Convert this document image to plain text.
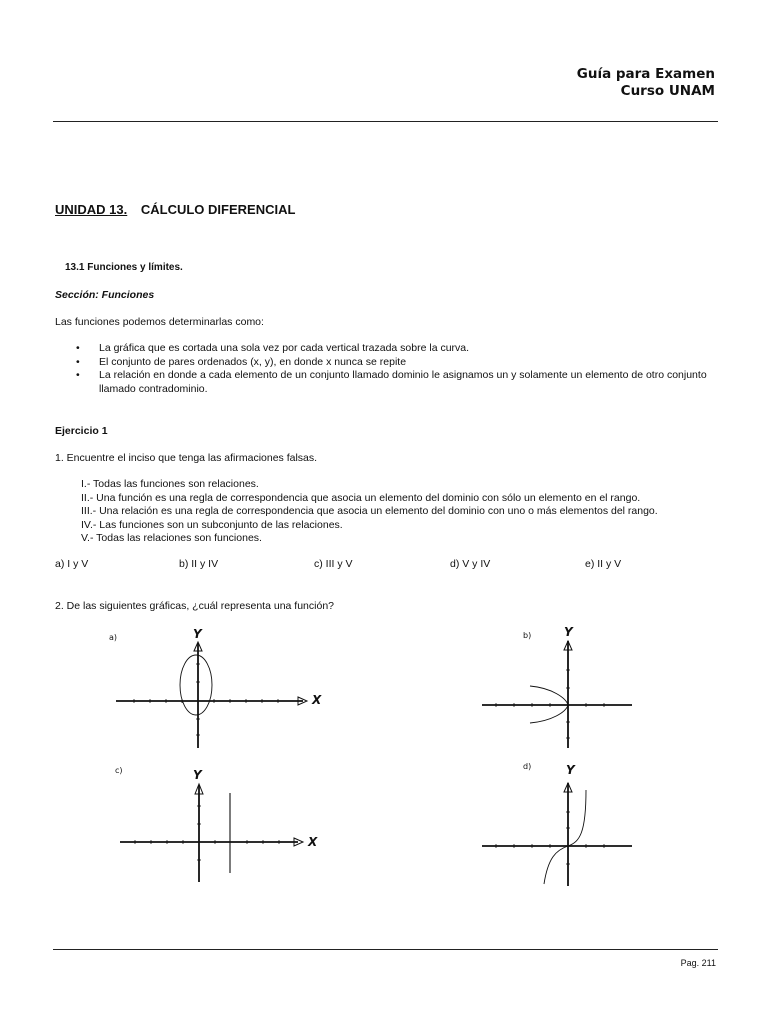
Guía para Examen
Curso UNAM
UNIDAD 13. CÁLCULO DIFERENCIAL
13.1 Funciones y límites.
Sección: Funciones
Las funciones podemos determinarlas como:
• La gráfica que es cortada una sola vez por cada vertical trazada sobre la curva.
• El conjunto de pares ordenados (x, y), en donde x nunca se repite
• La relación en donde a cada elemento de un conjunto llamado dominio le asignamos un y solamente un elemento de otro conjunto llamado contradominio.
Ejercicio 1
1. Encuentre el inciso que tenga las afirmaciones falsas.
I.- Todas las funciones son relaciones.
II.- Una función es una regla de correspondencia que asocia un elemento del dominio con sólo un elemento en el rango.
III.- Una relación es una regla de correspondencia que asocia un elemento del dominio con uno o más elementos del rango.
IV.- Las funciones son un subconjunto de las relaciones.
V.- Todas las relaciones son funciones.
a) I y V	b) II y IV	c) III y V	d) V y IV	e) II y V
2. De las siguientes gráficas, ¿cuál representa una función?
a)	Y
X
b)	Y
c)	Y
X
d)	Y
Pag. 211
